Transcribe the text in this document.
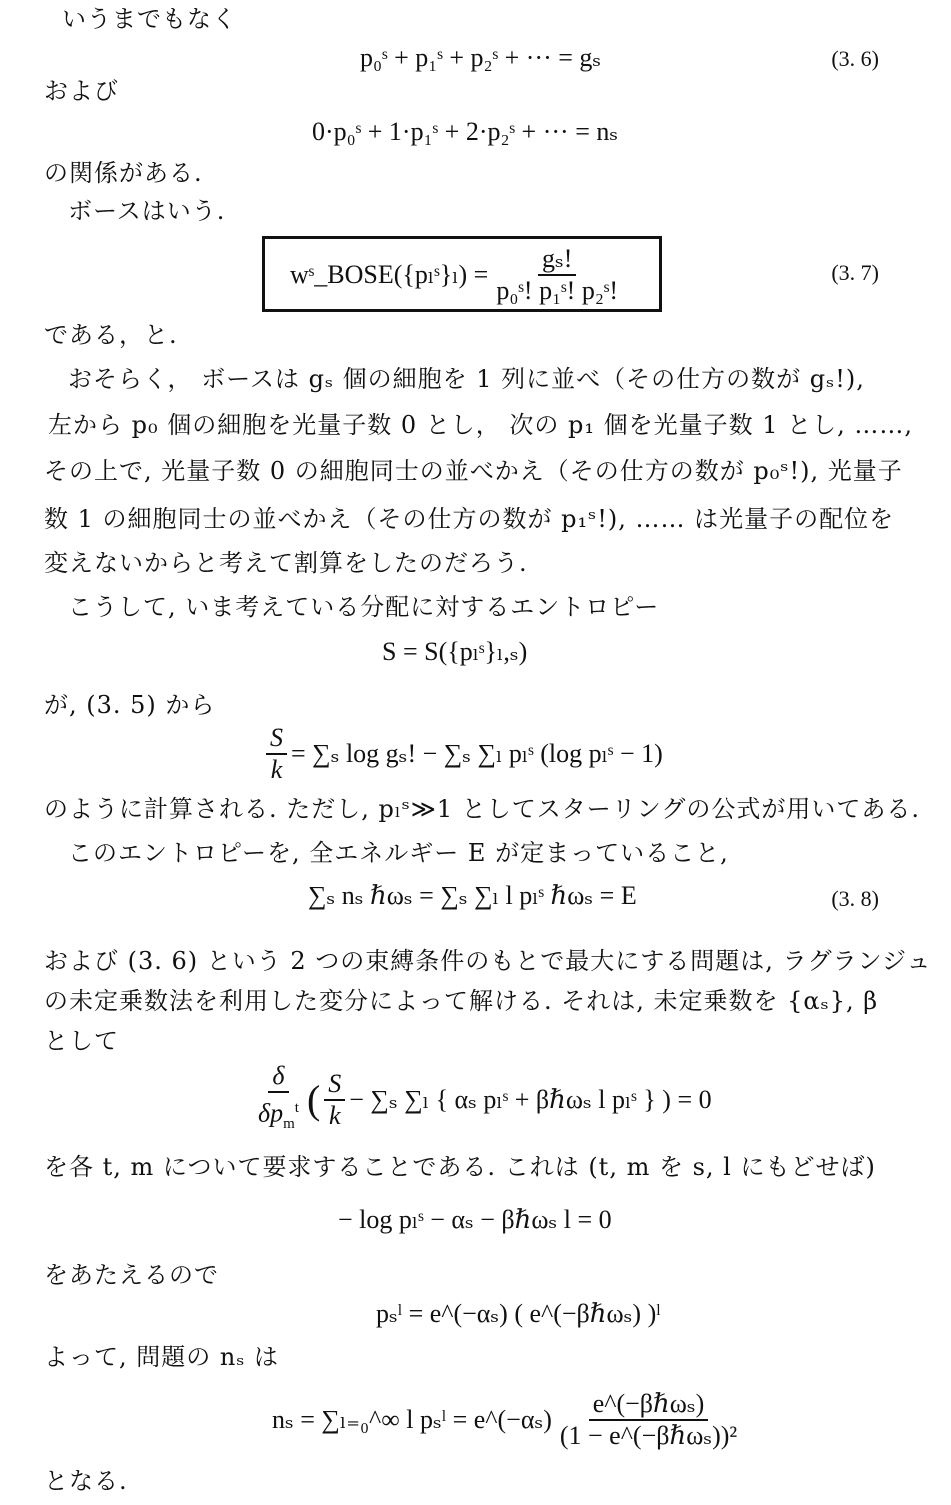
いうまでもなく
p₀ˢ + p₁ˢ + p₂ˢ + ··· = gₛ	(3. 6)
および
0·p₀ˢ + 1·p₁ˢ + 2·p₂ˢ + ··· = nₛ
の関係がある.
ボースはいう.
wˢ_BOSE({pₗˢ}ₗ) = $\frac{\text{gₛ!}}{\text{p₀ˢ! p₁ˢ! p₂ˢ!}}$	(3. 7)
である，と.
おそらく， ボースは gₛ 個の細胞を 1 列に並べ（その仕方の数が gₛ!),
左から p₀ 個の細胞を光量子数 0 とし， 次の p₁ 個を光量子数 1 とし, ……,
その上で, 光量子数 0 の細胞同士の並べかえ（その仕方の数が p₀ˢ!), 光量子
数 1 の細胞同士の並べかえ（その仕方の数が p₁ˢ!), …… は光量子の配位を
変えないからと考えて割算をしたのだろう.
こうして, いま考えている分配に対するエントロピー
S = S({pₗˢ}ₗ,ₛ)
が, (3. 5) から
$\frac{S}{k} = \sum_s$ log gₛ! − ∑ₛ ∑ₗ pₗˢ (log pₗˢ − 1)
のように計算される. ただし, pₗˢ≫1 としてスターリングの公式が用いてある.
このエントロピーを, 全エネルギー E が定まっていること,
∑ₛ nₛ ℏωₛ = ∑ₛ ∑ₗ l pₗˢ ℏωₛ = E	(3. 8)
および (3. 6) という 2 つの束縛条件のもとで最大にする問題は, ラグランジュ
の未定乗数法を利用した変分によって解ける. それは, 未定乗数を {αₛ}, β
として
$\frac{\delta}{\delta p_m^t}$ ( $\frac{S}{k} - \sum_s$ ∑ₗ { αₛ pₗˢ + βℏωₛ l pₗˢ } ) = 0
を各 t, m について要求することである. これは (t, m を s, l にもどせば)
− log pₗˢ − αₛ − βℏωₛ l = 0
をあたえるので
pₛˡ = e^(−αₛ) ( e^(−βℏωₛ) )ˡ
よって, 問題の nₛ は
nₛ = ∑ₗ₌₀^∞ l pₛˡ = e^(−αₛ) $\frac{\text{e\textasciicircum{}(−βℏωₛ)}}{\text{(1 − e\textasciicircum{}(−βℏωₛ))²}}$
となる.
